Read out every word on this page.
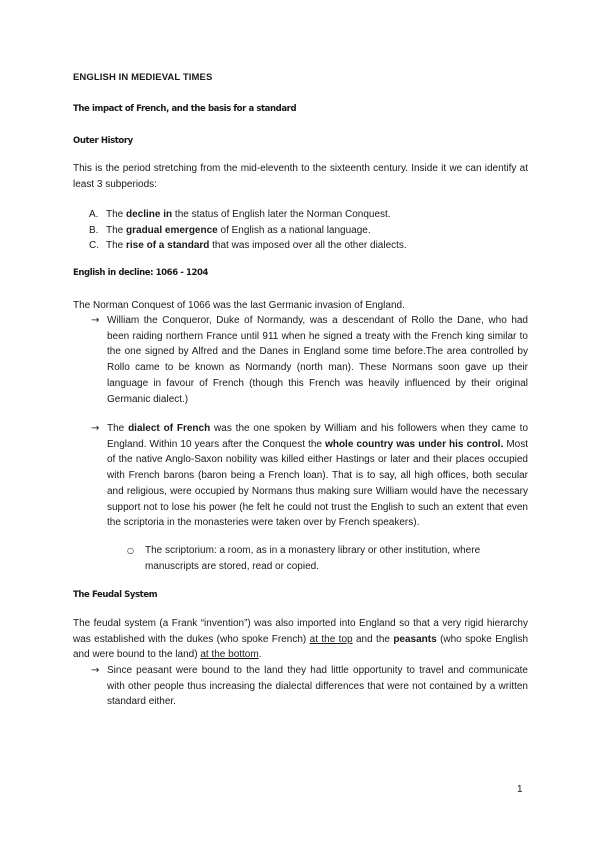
ENGLISH IN MEDIEVAL TIMES
The impact of French, and the basis for a standard
Outer History
This is the period stretching from the mid-eleventh to the sixteenth century. Inside it we can identify at least 3 subperiods:
A. The decline in the status of English later the Norman Conquest.
B. The gradual emergence of English as a national language.
C. The rise of a standard that was imposed over all the other dialects.
English in decline: 1066 - 1204
The Norman Conquest of 1066 was the last Germanic invasion of England.
→ William the Conqueror, Duke of Normandy, was a descendant of Rollo the Dane, who had been raiding northern France until 911 when he signed a treaty with the French king similar to the one signed by Alfred and the Danes in England some time before.The area controlled by Rollo came to be known as Normandy (north man). These Normans soon gave up their language in favour of French (though this French was heavily influenced by their original Germanic dialect.)
→ The dialect of French was the one spoken by William and his followers when they came to England. Within 10 years after the Conquest the whole country was under his control. Most of the native Anglo-Saxon nobility was killed either Hastings or later and their places occupied with French barons (baron being a French loan). That is to say, all high offices, both secular and religious, were occupied by Normans thus making sure William would have the necessary support not to lose his power (he felt he could not trust the English to such an extent that even the scriptoria in the monasteries were taken over by French speakers).
○ The scriptorium: a room, as in a monastery library or other institution, where manuscripts are stored, read or copied.
The Feudal System
The feudal system (a Frank “invention”) was also imported into England so that a very rigid hierarchy was established with the dukes (who spoke French) at the top and the peasants (who spoke English and were bound to the land) at the bottom.
→ Since peasant were bound to the land they had little opportunity to travel and communicate with other people thus increasing the dialectal differences that were not contained by a written standard either.
1
